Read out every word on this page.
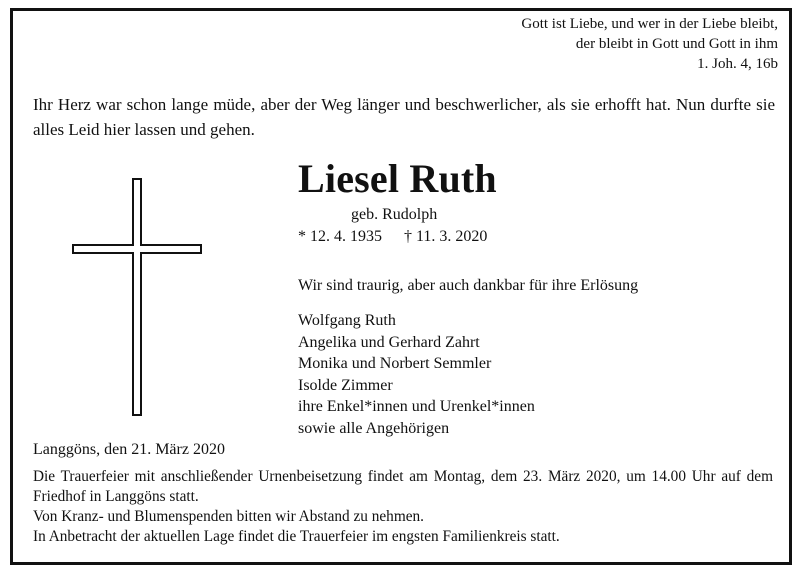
Gott ist Liebe, und wer in der Liebe bleibt,
der bleibt in Gott und Gott in ihm
1. Joh. 4, 16b
Ihr Herz war schon lange müde, aber der Weg länger und beschwerlicher, als sie erhofft hat. Nun durfte sie alles Leid hier lassen und gehen.
Liesel Ruth
geb. Rudolph
* 12. 4. 1935 † 11. 3. 2020
Wir sind traurig, aber auch dankbar für ihre Erlösung
Wolfgang Ruth
Angelika und Gerhard Zahrt
Monika und Norbert Semmler
Isolde Zimmer
ihre Enkel*innen und Urenkel*innen
sowie alle Angehörigen
Langgöns, den 21. März 2020
Die Trauerfeier mit anschließender Urnenbeisetzung findet am Montag, dem 23. März 2020, um 14.00 Uhr auf dem Friedhof in Langgöns statt.
Von Kranz- und Blumenspenden bitten wir Abstand zu nehmen.
In Anbetracht der aktuellen Lage findet die Trauerfeier im engsten Familienkreis statt.
